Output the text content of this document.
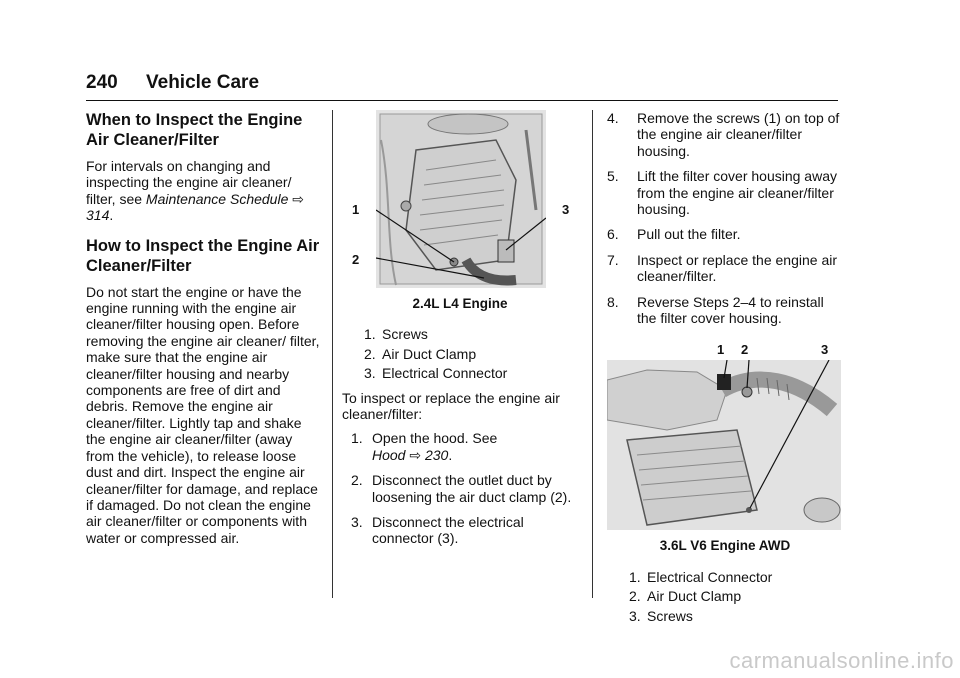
240 Vehicle Care
When to Inspect the Engine Air Cleaner/Filter

For intervals on changing and inspecting the engine air cleaner/ filter, see Maintenance Schedule ⇨ 314.

How to Inspect the Engine Air Cleaner/Filter

Do not start the engine or have the engine running with the engine air cleaner/filter housing open. Before removing the engine air cleaner/ filter, make sure that the engine air cleaner/filter housing and nearby components are free of dirt and debris. Remove the engine air cleaner/filter. Lightly tap and shake the engine air cleaner/filter (away from the vehicle), to release loose dust and dirt. Inspect the engine air cleaner/filter for damage, and replace if damaged. Do not clean the engine air cleaner/filter or components with water or compressed air.

1
2
3
2.4L L4 Engine
1. Screws
2. Air Duct Clamp
3. Electrical Connector

To inspect or replace the engine air cleaner/filter:

1. Open the hood. See
Hood ⇨ 230.
2. Disconnect the outlet duct by loosening the air duct clamp (2).
3. Disconnect the electrical connector (3).
4. Remove the screws (1) on top of the engine air cleaner/filter housing.
5. Lift the filter cover housing away from the engine air cleaner/filter housing.
6. Pull out the filter.
7. Inspect or replace the engine air cleaner/filter.
8. Reverse Steps 2–4 to reinstall the filter cover housing.
1 2	3
3.6L V6 Engine AWD
1. Electrical Connector
2. Air Duct Clamp
3. Screws
carmanualsonline.info
